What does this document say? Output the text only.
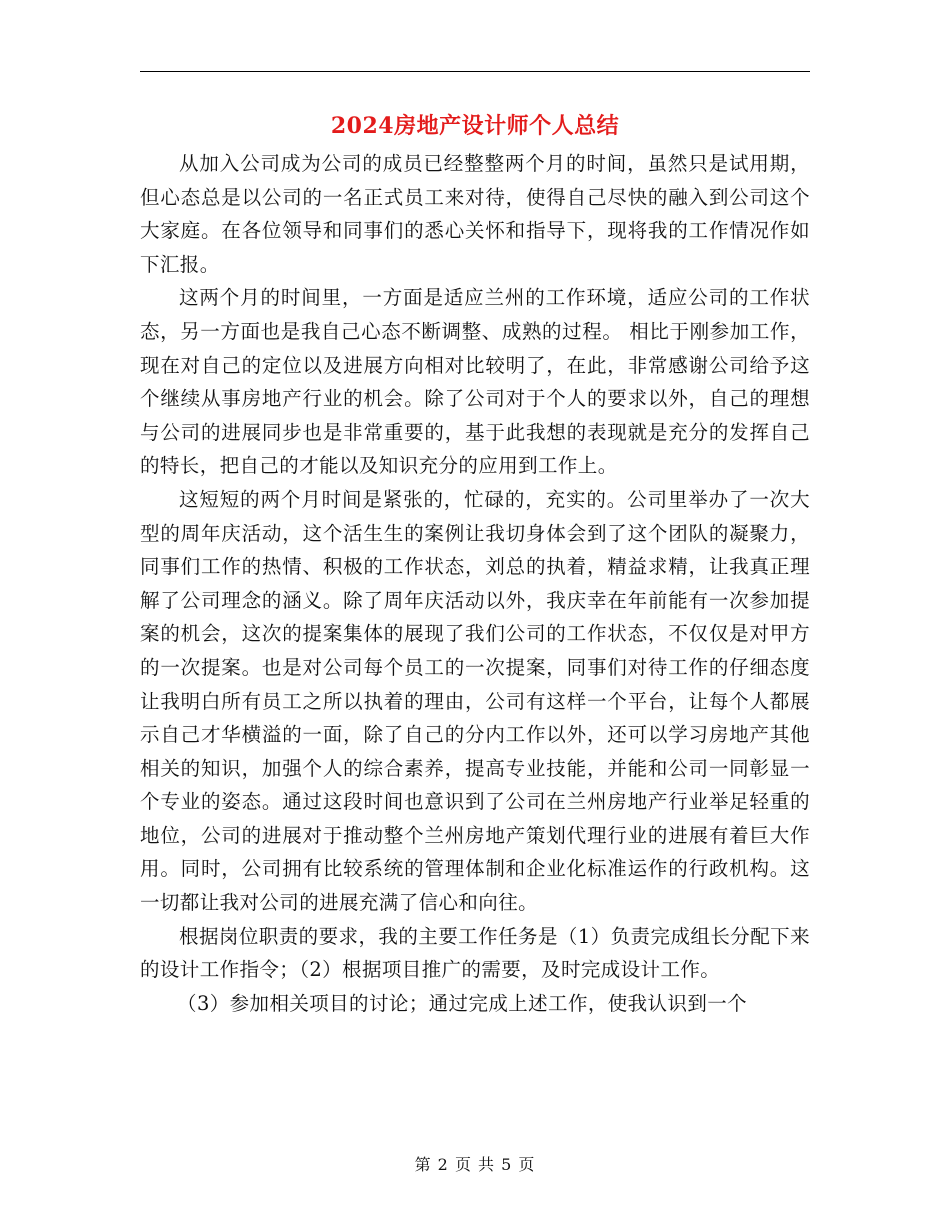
2024房地产设计师个人总结

从加入公司成为公司的成员已经整整两个月的时间，虽然只是试用期，但心态总是以公司的一名正式员工来对待，使得自己尽快的融入到公司这个大家庭。在各位领导和同事们的悉心关怀和指导下，现将我的工作情况作如下汇报。

这两个月的时间里，一方面是适应兰州的工作环境，适应公司的工作状态，另一方面也是我自己心态不断调整、成熟的过程。 相比于刚参加工作，现在对自己的定位以及进展方向相对比较明了，在此，非常感谢公司给予这个继续从事房地产行业的机会。除了公司对于个人的要求以外，自己的理想与公司的进展同步也是非常重要的，基于此我想的表现就是充分的发挥自己的特长，把自己的才能以及知识充分的应用到工作上。

这短短的两个月时间是紧张的，忙碌的，充实的。公司里举办了一次大型的周年庆活动，这个活生生的案例让我切身体会到了这个团队的凝聚力，同事们工作的热情、积极的工作状态，刘总的执着，精益求精，让我真正理解了公司理念的涵义。除了周年庆活动以外，我庆幸在年前能有一次参加提案的机会，这次的提案集体的展现了我们公司的工作状态，不仅仅是对甲方的一次提案。也是对公司每个员工的一次提案，同事们对待工作的仔细态度让我明白所有员工之所以执着的理由，公司有这样一个平台，让每个人都展示自己才华横溢的一面，除了自己的分内工作以外，还可以学习房地产其他相关的知识，加强个人的综合素养，提高专业技能，并能和公司一同彰显一个专业的姿态。通过这段时间也意识到了公司在兰州房地产行业举足轻重的地位，公司的进展对于推动整个兰州房地产策划代理行业的进展有着巨大作用。同时，公司拥有比较系统的管理体制和企业化标准运作的行政机构。这一切都让我对公司的进展充满了信心和向往。

根据岗位职责的要求，我的主要工作任务是（1）负责完成组长分配下来的设计工作指令；（2）根据项目推广的需要，及时完成设计工作。

（3）参加相关项目的讨论；通过完成上述工作，使我认识到一个

第 2 页 共 5 页
